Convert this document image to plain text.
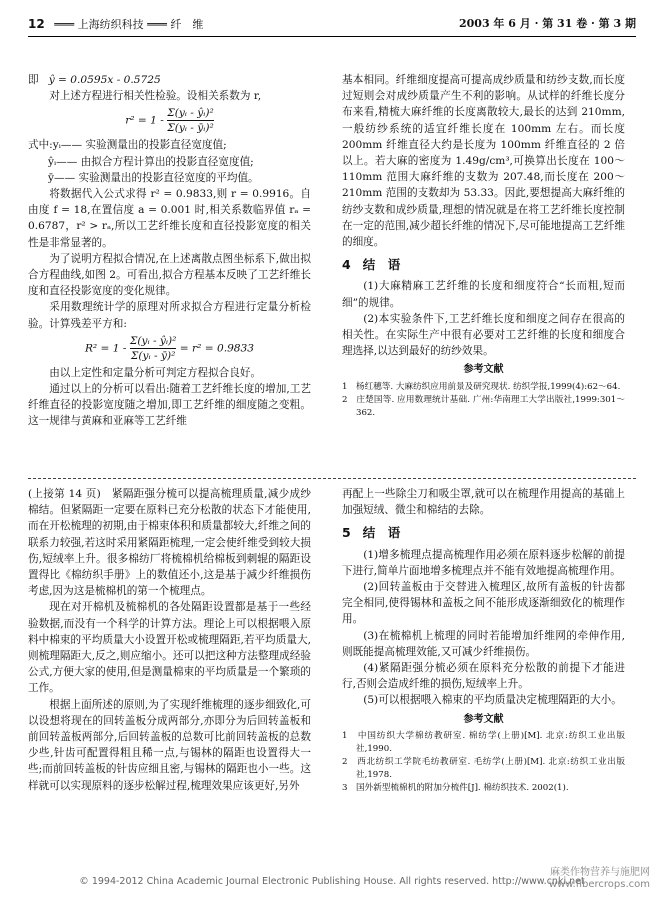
12 ═══ 上海纺织科技 ═══ 纤　维	2003 年 6 月 · 第 31 卷 · 第 3 期

即 ŷ = 0.0595x - 0.5725

对上述方程进行相关性检验。设相关系数为 r,

$r^2 = 1 - \frac{\text{Σ(yᵢ - ŷᵢ)²}}{\text{Σ(yᵢ - ȳᵢ)²}}$

式中:yᵢ—— 实验测量出的投影直径宽度值;

ŷᵢ—— 由拟合方程计算出的投影直径宽度值;

ȳ—— 实验测量出的投影直径宽度的平均值。

将数据代入公式求得 r² = 0.9833,则 r = 0.9916。自由度 f = 18,在置信度 a = 0.001 时,相关系数临界值 rₐ = 0.6787，r² > rₐ,所以工艺纤维长度和直径投影宽度的相关性是非常显著的。

为了说明方程拟合情况,在上述离散点图坐标系下,做出拟合方程曲线,如图 2。可看出,拟合方程基本反映了工艺纤维长度和直径投影宽度的变化规律。

采用数理统计学的原理对所求拟合方程进行定量分析检验。计算残差平方和:

$R^2 = 1 - \frac{\text{Σ(yᵢ - ŷᵢ)²}}{\text{Σ(yᵢ - ȳ)²}} = r^2 = 0.9833$

由以上定性和定量分析可判定方程拟合良好。

通过以上的分析可以看出:随着工艺纤维长度的增加,工艺纤维直径的投影宽度随之增加,即工艺纤维的细度随之变粗。这一规律与黄麻和亚麻等工艺纤维

基本相同。纤维细度提高可提高成纱质量和纺纱支数,而长度过短则会对成纱质量产生不利的影响。从试样的纤维长度分布来看,精梳大麻纤维的长度离散较大,最长的达到 210mm,一般纺纱系统的适宜纤维长度在 100mm 左右。而长度 200mm 纤维直径大约是长度为 100mm 纤维直径的 2 倍以上。若大麻的密度为 1.49g/cm³,可换算出长度在 100～110mm 范围大麻纤维的支数为 207.48,而长度在 200～210mm 范围的支数却为 53.33。因此,要想提高大麻纤维的纺纱支数和成纱质量,理想的情况就是在将工艺纤维长度控制在一定的范围,减少超长纤维的情况下,尽可能地提高工艺纤维的细度。

4 结　语

(1)大麻精麻工艺纤维的长度和细度符合“长而粗,短而细”的规律。

(2)本实验条件下,工艺纤维长度和细度之间存在很高的相关性。在实际生产中很有必要对工艺纤维的长度和细度合理选择,以达到最好的纺纱效果。

参考文献

1　杨红穗等. 大麻纺织应用前景及研究现状. 纺织学报,1999(4):62～64.

2　庄楚国等. 应用数理统计基础. 广州:华南理工大学出版社,1999:301～362.

(上接第 14 页)　紧隔距强分梳可以提高梳理质量,减少成纱棉结。但紧隔距一定要在原料已充分松散的状态下才能使用,而在开松梳理的初期,由于棉束体积和质量都较大,纤维之间的联系力较强,若这时采用紧隔距梳理,一定会使纤维受到较大损伤,短绒率上升。很多棉纺厂将梳棉机给棉板到刺辊的隔距设置得比《棉纺织手册》上的数值还小,这是基于减少纤维损伤考虑,因为这是梳棉机的第一个梳理点。

现在对开棉机及梳棉机的各处隔距设置都是基于一些经验数据,而没有一个科学的计算方法。理论上可以根据喂入原料中棉束的平均质量大小设置开松或梳理隔距,若平均质量大,则梳理隔距大,反之,则应缩小。还可以把这种方法整理成经验公式,方便大家的使用,但是测量棉束的平均质量是一个繁琐的工作。

根据上面所述的原则,为了实现纤维梳理的逐步细致化,可以设想将现在的回转盖板分成两部分,亦即分为后回转盖板和前回转盖板两部分,后回转盖板的总数可比前回转盖板的总数少些,针齿可配置得粗且稀一点,与锡林的隔距也设置得大一些;而前回转盖板的针齿应细且密,与锡林的隔距也小一些。这样就可以实现原料的逐步松解过程,梳理效果应该更好,另外

再配上一些除尘刀和吸尘罩,就可以在梳理作用提高的基础上加强短绒、微尘和棉结的去除。

5 结　语

(1)增多梳理点提高梳理作用必须在原料逐步松解的前提下进行,简单片面地增多梳理点并不能有效地提高梳理作用。

(2)回转盖板由于交替进入梳理区,故所有盖板的针齿都完全相同,使得锡林和盖板之间不能形成逐渐细致化的梳理作用。

(3)在梳棉机上梳理的同时若能增加纤维网的牵伸作用,则既能提高梳理效能,又可减少纤维损伤。

(4)紧隔距强分梳必须在原料充分松散的前提下才能进行,否则会造成纤维的损伤,短绒率上升。

(5)可以根据喂入棉束的平均质量决定梳理隔距的大小。

参考文献

1　中国纺织大学棉纺教研室. 棉纺学(上册)[M]. 北京:纺织工业出版社,1990.

2　西北纺织工学院毛纺教研室. 毛纺学(上册)[M]. 北京:纺织工业出版社,1978.

3　国外新型梳棉机的附加分梳件[J]. 棉纺织技术. 2002(1).

© 1994-2012 China Academic Journal Electronic Publishing House. All rights reserved. http://www.cnki.net
麻类作物营养与施肥网
www.fibercrops.com
